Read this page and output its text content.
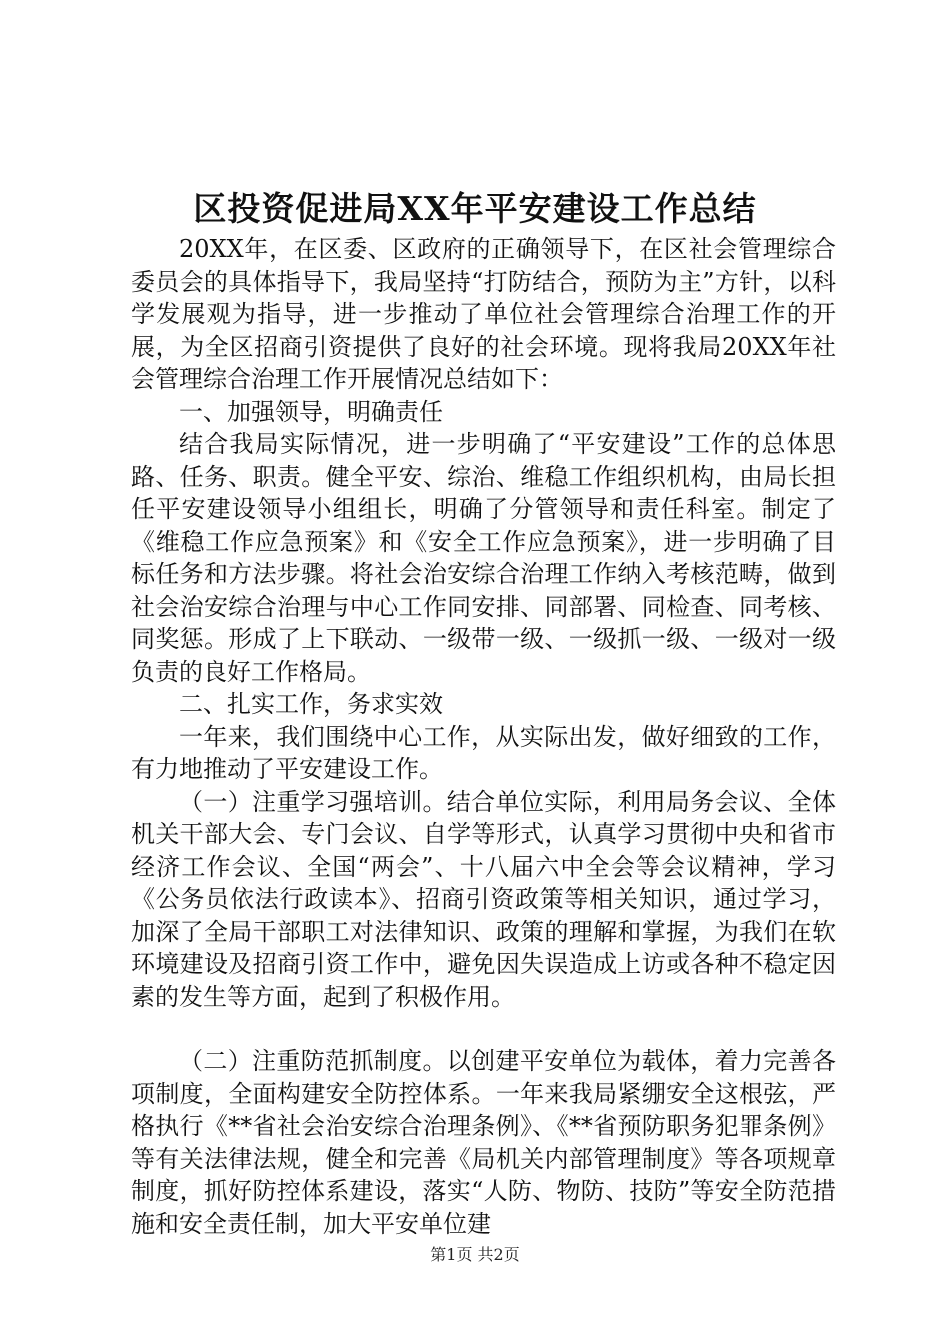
区投资促进局XX年平安建设工作总结

20XX年，在区委、区政府的正确领导下，在区社会管理综合委员会的具体指导下，我局坚持“打防结合，预防为主”方针，以科学发展观为指导，进一步推动了单位社会管理综合治理工作的开展，为全区招商引资提供了良好的社会环境。现将我局20XX年社会管理综合治理工作开展情况总结如下：

一、加强领导，明确责任

结合我局实际情况，进一步明确了“平安建设”工作的总体思路、任务、职责。健全平安、综治、维稳工作组织机构，由局长担任平安建设领导小组组长，明确了分管领导和责任科室。制定了《维稳工作应急预案》和《安全工作应急预案》，进一步明确了目标任务和方法步骤。将社会治安综合治理工作纳入考核范畴，做到社会治安综合治理与中心工作同安排、同部署、同检查、同考核、同奖惩。形成了上下联动、一级带一级、一级抓一级、一级对一级负责的良好工作格局。

二、扎实工作，务求实效

一年来，我们围绕中心工作，从实际出发，做好细致的工作，有力地推动了平安建设工作。

（一）注重学习强培训。结合单位实际，利用局务会议、全体机关干部大会、专门会议、自学等形式，认真学习贯彻中央和省市经济工作会议、全国“两会”、十八届六中全会等会议精神，学习《公务员依法行政读本》、招商引资政策等相关知识，通过学习，加深了全局干部职工对法律知识、政策的理解和掌握，为我们在软环境建设及招商引资工作中，避免因失误造成上访或各种不稳定因素的发生等方面，起到了积极作用。

（二）注重防范抓制度。以创建平安单位为载体，着力完善各项制度，全面构建安全防控体系。一年来我局紧绷安全这根弦，严格执行《**省社会治安综合治理条例》、《**省预防职务犯罪条例》等有关法律法规，健全和完善《局机关内部管理制度》等各项规章制度，抓好防控体系建设，落实“人防、物防、技防”等安全防范措施和安全责任制，加大平安单位建

第1页 共2页
